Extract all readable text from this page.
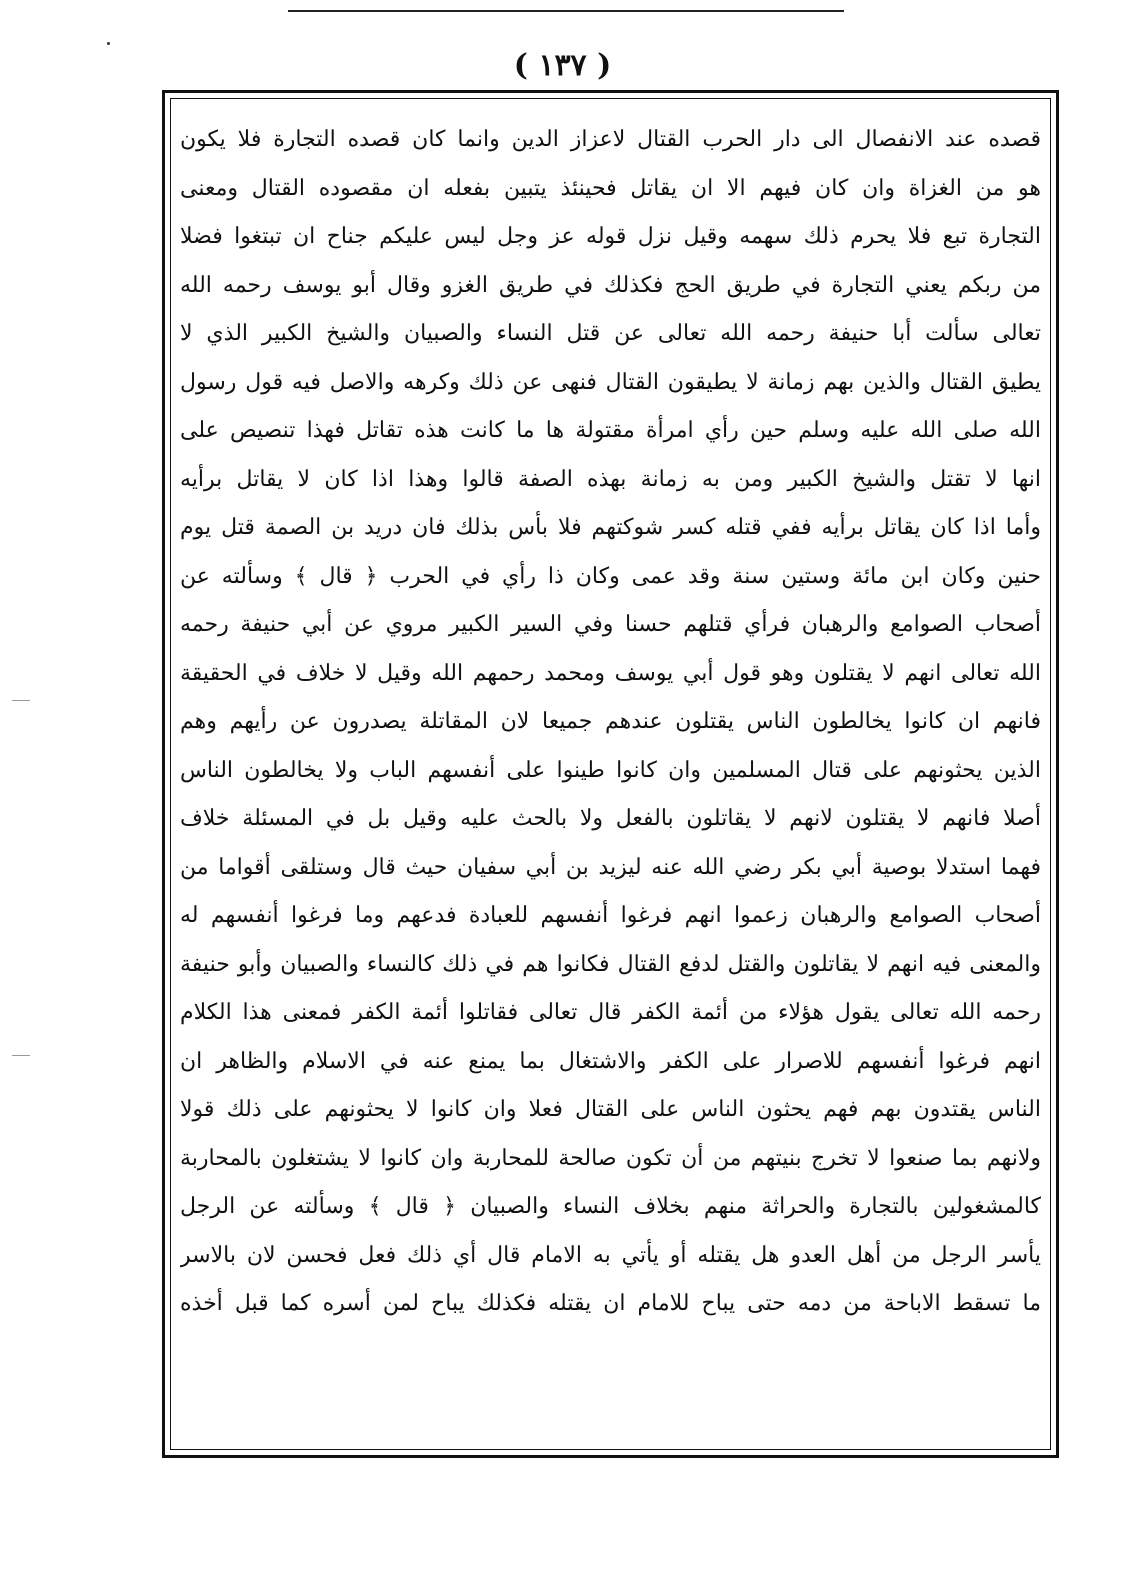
( ١٣٧ )
قصده عند الانفصال الى دار الحرب القتال لاعزاز الدين وانما كان قصده التجارة فلا يكون
هو من الغزاة وان كان فيهم الا ان يقاتل فحينئذ يتبين بفعله ان مقصوده القتال ومعنى
التجارة تبع فلا يحرم ذلك سهمه وقيل نزل قوله عز وجل ليس عليكم جناح ان تبتغوا فضلا
من ربكم يعني التجارة في طريق الحج فكذلك في طريق الغزو وقال أبو يوسف رحمه الله
تعالى سألت أبا حنيفة رحمه الله تعالى عن قتل النساء والصبيان والشيخ الكبير الذي لا
يطيق القتال والذين بهم زمانة لا يطيقون القتال فنهى عن ذلك وكرهه والاصل فيه قول رسول
الله صلى الله عليه وسلم حين رأي امرأة مقتولة ها ما كانت هذه تقاتل فهذا تنصيص على
انها لا تقتل والشيخ الكبير ومن به زمانة بهذه الصفة قالوا وهذا اذا كان لا يقاتل برأيه
وأما اذا كان يقاتل برأيه ففي قتله كسر شوكتهم فلا بأس بذلك فان دريد بن الصمة قتل يوم
حنين وكان ابن مائة وستين سنة وقد عمى وكان ذا رأي في الحرب ﴿ قال ﴾ وسألته عن
أصحاب الصوامع والرهبان فرأي قتلهم حسنا وفي السير الكبير مروي عن أبي حنيفة رحمه
الله تعالى انهم لا يقتلون وهو قول أبي يوسف ومحمد رحمهم الله وقيل لا خلاف في الحقيقة
فانهم ان كانوا يخالطون الناس يقتلون عندهم جميعا لان المقاتلة يصدرون عن رأيهم وهم
الذين يحثونهم على قتال المسلمين وان كانوا طينوا على أنفسهم الباب ولا يخالطون الناس
أصلا فانهم لا يقتلون لانهم لا يقاتلون بالفعل ولا بالحث عليه وقيل بل في المسئلة خلاف
فهما استدلا بوصية أبي بكر رضي الله عنه ليزيد بن أبي سفيان حيث قال وستلقى أقواما من
أصحاب الصوامع والرهبان زعموا انهم فرغوا أنفسهم للعبادة فدعهم وما فرغوا أنفسهم له
والمعنى فيه انهم لا يقاتلون والقتل لدفع القتال فكانوا هم في ذلك كالنساء والصبيان وأبو حنيفة
رحمه الله تعالى يقول هؤلاء من أئمة الكفر قال تعالى فقاتلوا أئمة الكفر فمعنى هذا الكلام
انهم فرغوا أنفسهم للاصرار على الكفر والاشتغال بما يمنع عنه في الاسلام والظاهر ان
الناس يقتدون بهم فهم يحثون الناس على القتال فعلا وان كانوا لا يحثونهم على ذلك قولا
ولانهم بما صنعوا لا تخرج بنيتهم من أن تكون صالحة للمحاربة وان كانوا لا يشتغلون بالمحاربة
كالمشغولين بالتجارة والحراثة منهم بخلاف النساء والصبيان ﴿ قال ﴾ وسألته عن الرجل
يأسر الرجل من أهل العدو هل يقتله أو يأتي به الامام قال أي ذلك فعل فحسن لان بالاسر
ما تسقط الاباحة من دمه حتى يباح للامام ان يقتله فكذلك يباح لمن أسره كما قبل أخذه
